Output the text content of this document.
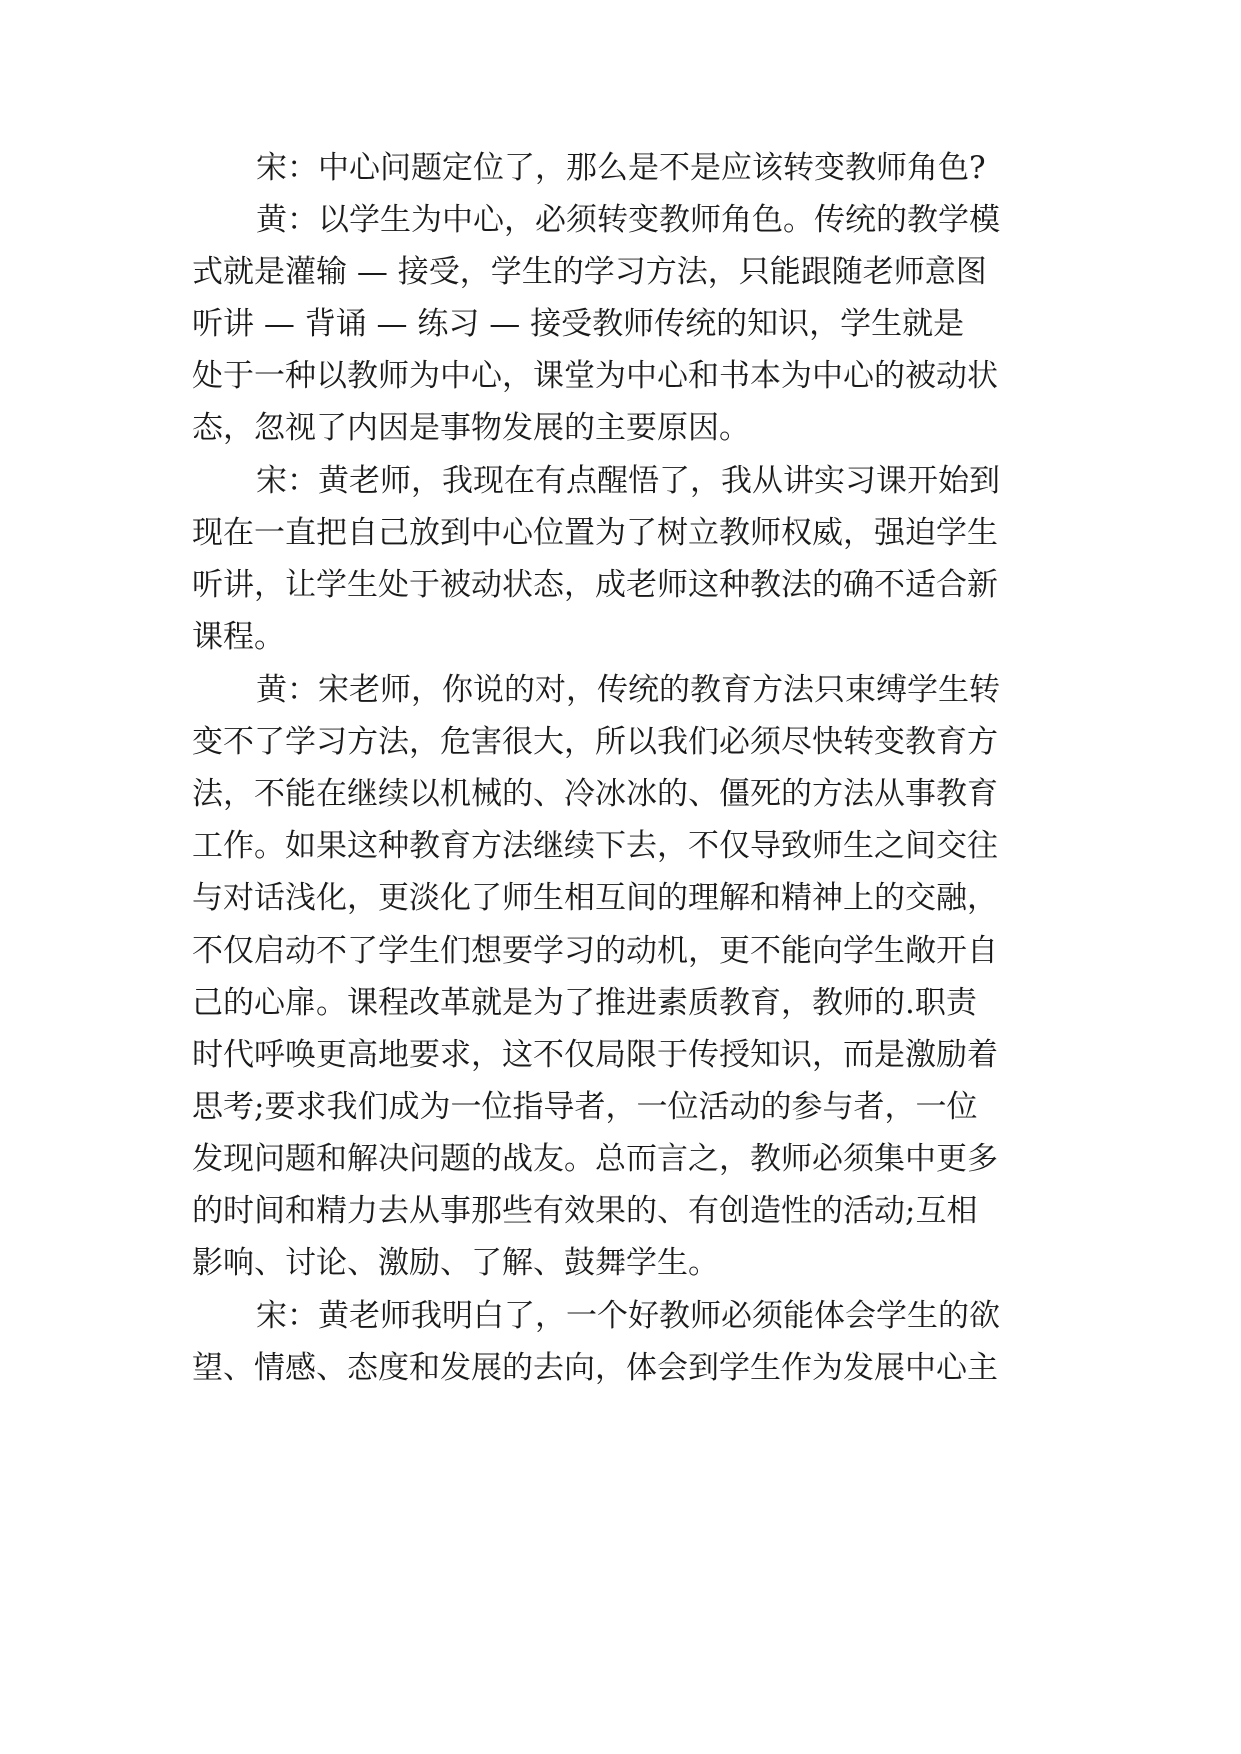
宋：中心问题定位了，那么是不是应该转变教师角色?
黄：以学生为中心，必须转变教师角色。传统的教学模
式就是灌输 — 接受，学生的学习方法，只能跟随老师意图
听讲 — 背诵 — 练习 — 接受教师传统的知识，学生就是
处于一种以教师为中心，课堂为中心和书本为中心的被动状
态，忽视了内因是事物发展的主要原因。
宋：黄老师，我现在有点醒悟了，我从讲实习课开始到
现在一直把自己放到中心位置为了树立教师权威，强迫学生
听讲，让学生处于被动状态，成老师这种教法的确不适合新
课程。
黄：宋老师，你说的对，传统的教育方法只束缚学生转
变不了学习方法，危害很大，所以我们必须尽快转变教育方
法，不能在继续以机械的、冷冰冰的、僵死的方法从事教育
工作。如果这种教育方法继续下去，不仅导致师生之间交往
与对话浅化，更淡化了师生相互间的理解和精神上的交融，
不仅启动不了学生们想要学习的动机，更不能向学生敞开自
己的心扉。课程改革就是为了推进素质教育，教师的.职责
时代呼唤更高地要求，这不仅局限于传授知识，而是激励着
思考;要求我们成为一位指导者，一位活动的参与者，一位
发现问题和解决问题的战友。总而言之，教师必须集中更多
的时间和精力去从事那些有效果的、有创造性的活动;互相
影响、讨论、激励、了解、鼓舞学生。
宋：黄老师我明白了，一个好教师必须能体会学生的欲
望、情感、态度和发展的去向，体会到学生作为发展中心主
